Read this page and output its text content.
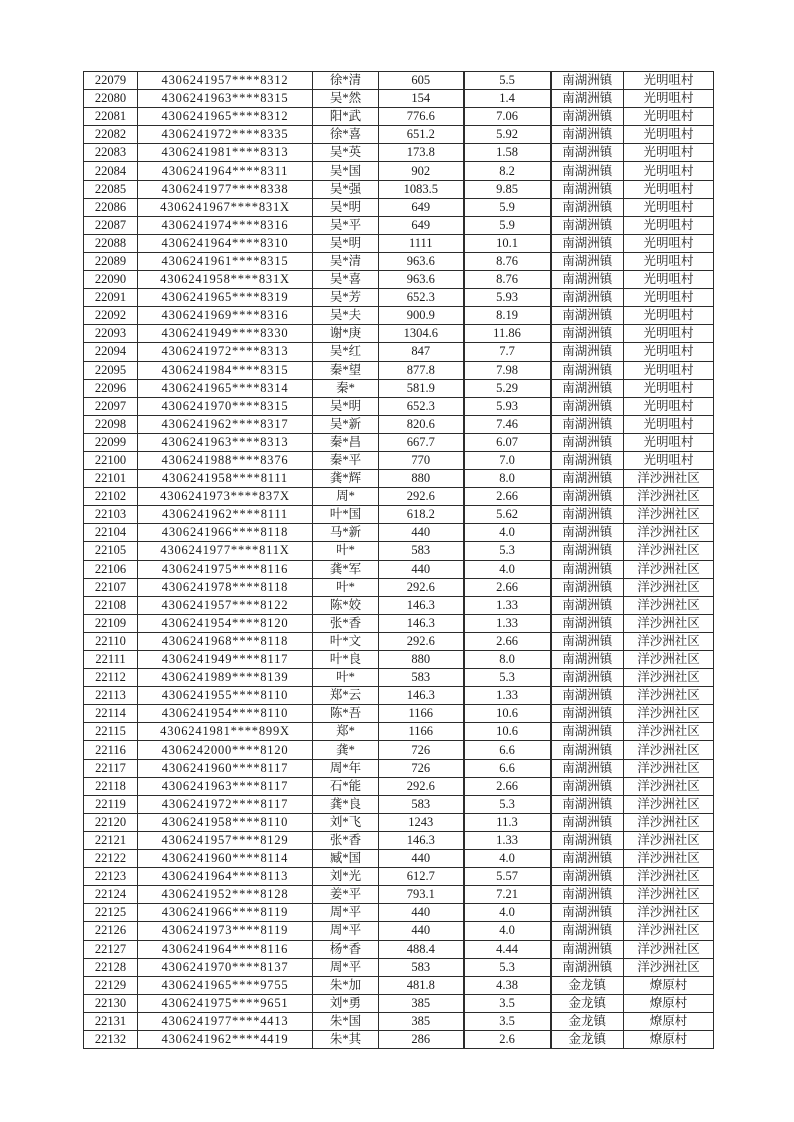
22079	4306241957****8312	徐*清	605	5.5	南湖洲镇	光明咀村
22080	4306241963****8315	吴*然	154	1.4	南湖洲镇	光明咀村
22081	4306241965****8312	阳*武	776.6	7.06	南湖洲镇	光明咀村
22082	4306241972****8335	徐*喜	651.2	5.92	南湖洲镇	光明咀村
22083	4306241981****8313	吴*英	173.8	1.58	南湖洲镇	光明咀村
22084	4306241964****8311	吴*国	902	8.2	南湖洲镇	光明咀村
22085	4306241977****8338	吴*强	1083.5	9.85	南湖洲镇	光明咀村
22086	4306241967****831X	吴*明	649	5.9	南湖洲镇	光明咀村
22087	4306241974****8316	吴*平	649	5.9	南湖洲镇	光明咀村
22088	4306241964****8310	吴*明	1111	10.1	南湖洲镇	光明咀村
22089	4306241961****8315	吴*清	963.6	8.76	南湖洲镇	光明咀村
22090	4306241958****831X	吴*喜	963.6	8.76	南湖洲镇	光明咀村
22091	4306241965****8319	吴*芳	652.3	5.93	南湖洲镇	光明咀村
22092	4306241969****8316	吴*夫	900.9	8.19	南湖洲镇	光明咀村
22093	4306241949****8330	谢*庚	1304.6	11.86	南湖洲镇	光明咀村
22094	4306241972****8313	吴*红	847	7.7	南湖洲镇	光明咀村
22095	4306241984****8315	秦*望	877.8	7.98	南湖洲镇	光明咀村
22096	4306241965****8314	秦*	581.9	5.29	南湖洲镇	光明咀村
22097	4306241970****8315	吴*明	652.3	5.93	南湖洲镇	光明咀村
22098	4306241962****8317	吴*新	820.6	7.46	南湖洲镇	光明咀村
22099	4306241963****8313	秦*昌	667.7	6.07	南湖洲镇	光明咀村
22100	4306241988****8376	秦*平	770	7.0	南湖洲镇	光明咀村
22101	4306241958****8111	龚*辉	880	8.0	南湖洲镇	洋沙洲社区
22102	4306241973****837X	周*	292.6	2.66	南湖洲镇	洋沙洲社区
22103	4306241962****8111	叶*国	618.2	5.62	南湖洲镇	洋沙洲社区
22104	4306241966****8118	马*新	440	4.0	南湖洲镇	洋沙洲社区
22105	4306241977****811X	叶*	583	5.3	南湖洲镇	洋沙洲社区
22106	4306241975****8116	龚*军	440	4.0	南湖洲镇	洋沙洲社区
22107	4306241978****8118	叶*	292.6	2.66	南湖洲镇	洋沙洲社区
22108	4306241957****8122	陈*姣	146.3	1.33	南湖洲镇	洋沙洲社区
22109	4306241954****8120	张*香	146.3	1.33	南湖洲镇	洋沙洲社区
22110	4306241968****8118	叶*文	292.6	2.66	南湖洲镇	洋沙洲社区
22111	4306241949****8117	叶*良	880	8.0	南湖洲镇	洋沙洲社区
22112	4306241989****8139	叶*	583	5.3	南湖洲镇	洋沙洲社区
22113	4306241955****8110	郑*云	146.3	1.33	南湖洲镇	洋沙洲社区
22114	4306241954****8110	陈*吾	1166	10.6	南湖洲镇	洋沙洲社区
22115	4306241981****899X	郑*	1166	10.6	南湖洲镇	洋沙洲社区
22116	4306242000****8120	龚*	726	6.6	南湖洲镇	洋沙洲社区
22117	4306241960****8117	周*年	726	6.6	南湖洲镇	洋沙洲社区
22118	4306241963****8117	石*能	292.6	2.66	南湖洲镇	洋沙洲社区
22119	4306241972****8117	龚*良	583	5.3	南湖洲镇	洋沙洲社区
22120	4306241958****8110	刘*飞	1243	11.3	南湖洲镇	洋沙洲社区
22121	4306241957****8129	张*香	146.3	1.33	南湖洲镇	洋沙洲社区
22122	4306241960****8114	臧*国	440	4.0	南湖洲镇	洋沙洲社区
22123	4306241964****8113	刘*光	612.7	5.57	南湖洲镇	洋沙洲社区
22124	4306241952****8128	姜*平	793.1	7.21	南湖洲镇	洋沙洲社区
22125	4306241966****8119	周*平	440	4.0	南湖洲镇	洋沙洲社区
22126	4306241973****8119	周*平	440	4.0	南湖洲镇	洋沙洲社区
22127	4306241964****8116	杨*香	488.4	4.44	南湖洲镇	洋沙洲社区
22128	4306241970****8137	周*平	583	5.3	南湖洲镇	洋沙洲社区
22129	4306241965****9755	朱*加	481.8	4.38	金龙镇	燎原村
22130	4306241975****9651	刘*勇	385	3.5	金龙镇	燎原村
22131	4306241977****4413	朱*国	385	3.5	金龙镇	燎原村
22132	4306241962****4419	朱*其	286	2.6	金龙镇	燎原村
